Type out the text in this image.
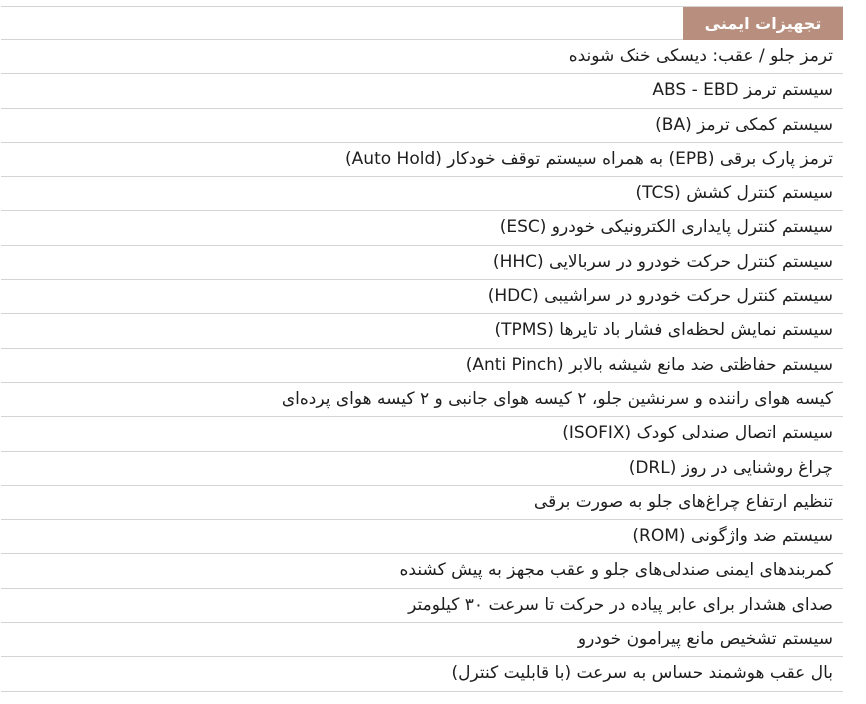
تجهیزات ایمنی
ترمز جلو / عقب: دیسکی خنک شونده
سیستم ترمز ABS - EBD
سیستم کمکی ترمز (BA)
ترمز پارک برقی (EPB) به همراه سیستم توقف خودکار (Auto Hold)
سیستم کنترل کشش (TCS)
سیستم کنترل پایداری الکترونیکی خودرو (ESC)
سیستم کنترل حرکت خودرو در سربالایی (HHC)
سیستم کنترل حرکت خودرو در سراشیبی (HDC)
سیستم نمایش لحظه‌ای فشار باد تایرها (TPMS)
سیستم حفاظتی ضد مانع شیشه بالابر (Anti Pinch)
کیسه هوای راننده و سرنشین جلو، ۲ کیسه هوای جانبی و ۲ کیسه هوای پرده‌ای
سیستم اتصال صندلی کودک (ISOFIX)
چراغ روشنایی در روز (DRL)
تنظیم ارتفاع چراغ‌های جلو به صورت برقی
سیستم ضد واژگونی (ROM)
کمربندهای ایمنی صندلی‌های جلو و عقب مجهز به پیش کشنده
صدای هشدار برای عابر پیاده در حرکت تا سرعت ۳۰ کیلومتر
سیستم تشخیص مانع پیرامون خودرو
بال عقب هوشمند حساس به سرعت (با قابلیت کنترل)
